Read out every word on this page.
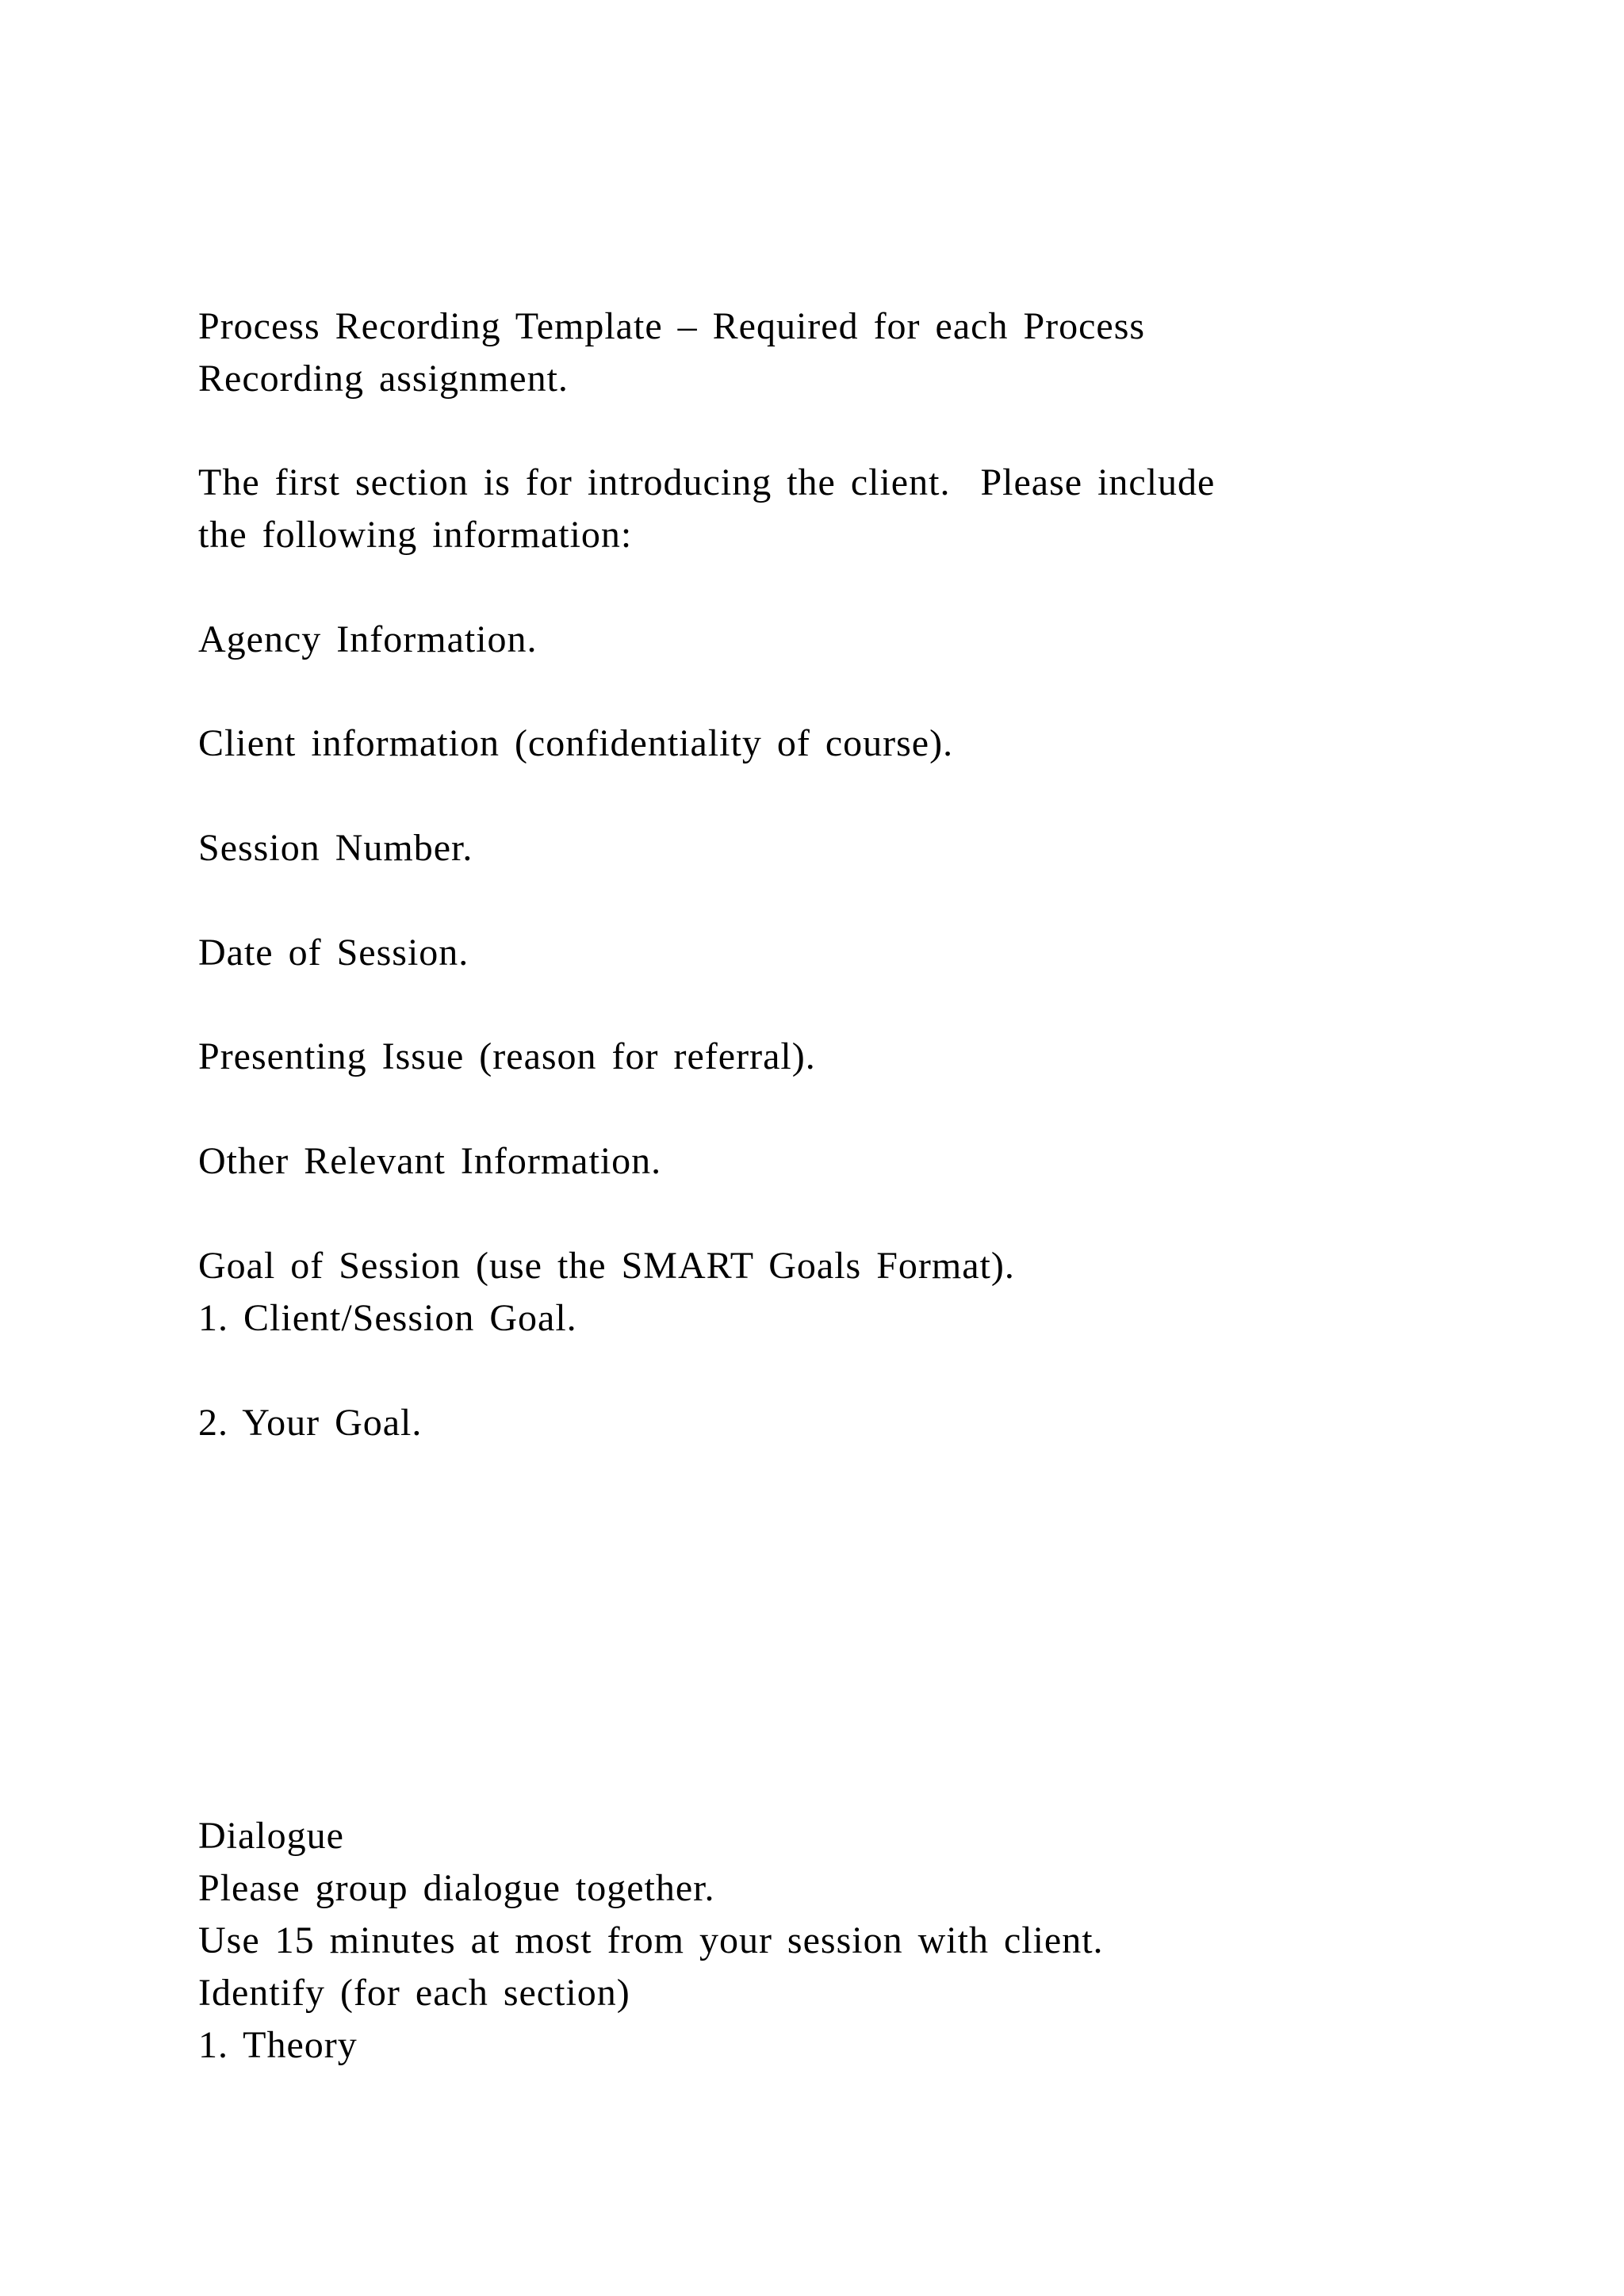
Process Recording Template – Required for each Process

Recording assignment.

The first section is for introducing the client.  Please include

the following information:

Agency Information.

Client information (confidentiality of course).

Session Number.

Date of Session.

Presenting Issue (reason for referral).

Other Relevant Information.

Goal of Session (use the SMART Goals Format).

1. Client/Session Goal.

2. Your Goal.

Dialogue

Please group dialogue together.

Use 15 minutes at most from your session with client.

Identify (for each section)

1. Theory
